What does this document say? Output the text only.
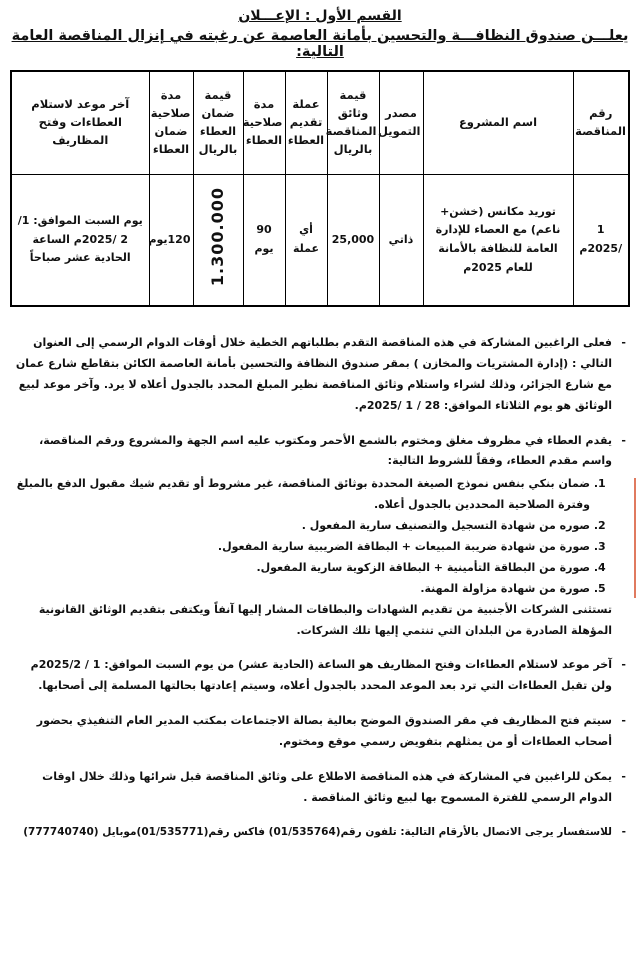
القسم الأول : الإعـــلان
يعلـــن صندوق النظافـــة والتحسين بأمانة العاصمة عن رغبته في إنزال المناقصة العامة التالية:
رقم المناقصة	اسم المشروع	مصدر التمويل	قيمة وثائق المناقصة بالريال	عملة تقديم العطاء	مدة صلاحية العطاء	قيمة ضمان العطاء بالريال	مدة صلاحية ضمان العطاء	آخر موعد لاستلام العطاءات وفتح المظاريف
1 /2025م	توريد مكانس (خشن+ ناعم) مع العصاء للإدارة العامة للنظافة بالأمانة للعام 2025م	ذاتي	25,000	أي عملة	90 يوم	1.300.000	120يوم	يوم السبت الموافق: 1/ 2 /2025م الساعة الحادية عشر صباحاً

-
فعلى الراغبين المشاركة في هذه المناقصة التقدم بطلباتهم الخطية خلال أوقات الدوام الرسمي إلى العنوان التالي : (إدارة المشتريات والمخازن ) بمقر صندوق النظافة والتحسين بأمانة العاصمة الكائن بتقاطع شارع عمان مع شارع الجزائر، وذلك لشراء واستلام وثائق المناقصة نظير المبلغ المحدد بالجدول أعلاه لا يرد. وآخر موعد لبيع الوثائق هو يوم الثلاثاء الموافق: 28 / 1 /2025م.

-
يقدم العطاء في مظروف مغلق ومختوم بالشمع الأحمر ومكتوب عليه اسم الجهة والمشروع ورقم المناقصة، واسم مقدم العطاء، وفقاً للشروط التالية:

1. ضمان بنكي بنفس نموذج الصيغة المحددة بوثائق المناقصة، غير مشروط أو تقديم شيك مقبول الدفع بالمبلغ وفترة الصلاحية المحددين بالجدول أعلاه.
2. صوره من شهادة التسجيل والتصنيف سارية المفعول .
3. صورة من شهادة ضريبة المبيعات + البطاقة الضريبية سارية المفعول.
4. صورة من البطاقة التأمينية + البطاقة الزكوية سارية المفعول.
5. صورة من شهادة مزاولة المهنة.

تستثنى الشركات الأجنبية من تقديم الشهادات والبطاقات المشار إليها آنفاً ويكتفى بتقديم الوثائق القانونية المؤهلة الصادرة من البلدان التي تنتمي إليها تلك الشركات.

-
آخر موعد لاستلام العطاءات وفتح المظاريف هو الساعة (الحادية عشر) من يوم السبت الموافق: 1 / 2025/2م ولن تقبل العطاءات التي ترد بعد الموعد المحدد بالجدول أعلاه، وسيتم إعادتها بحالتها المسلمة إلى أصحابها.

-
سيتم فتح المظاريف في مقر الصندوق الموضح بعالية بصالة الاجتماعات بمكتب المدير العام التنفيذي بحضور أصحاب العطاءات أو من يمثلهم بتفويض رسمي موقع ومختوم.

-
يمكن للراغبين في المشاركة في هذه المناقصة الاطلاع على وثائق المناقصة قبل شرائها وذلك خلال اوقات الدوام الرسمي للفترة المسموح بها لبيع وثائق المناقصة .

-
للاستفسار يرجى الاتصال بالأرقام التالية: تلفون رقم(01/535764) فاكس رقم(01/535771)موبايل (777740740)
